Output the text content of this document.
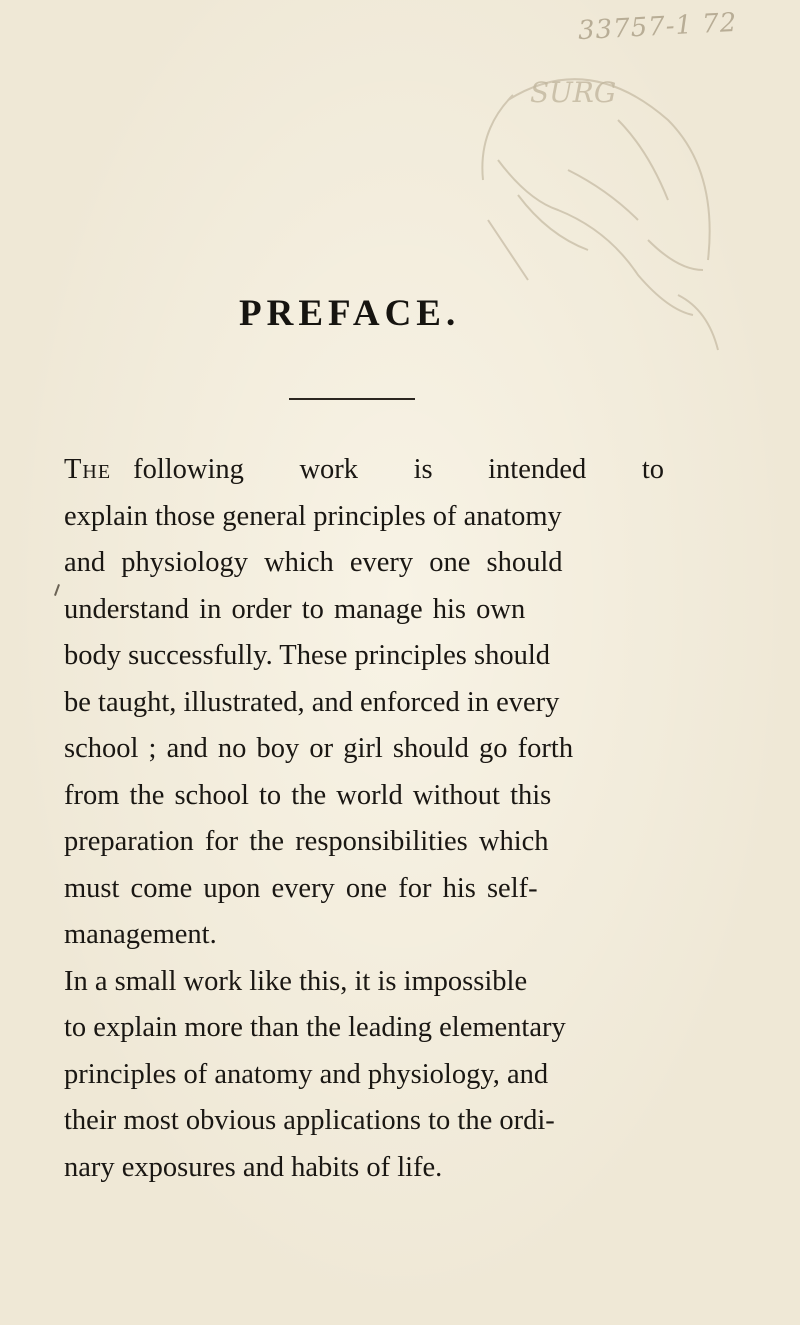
33757-1 72
SURG
PREFACE.
The following work is intended to
explain those general principles of anatomy
and physiology which every one should
understand in order to manage his own
body successfully. These principles should
be taught, illustrated, and enforced in every
school ; and no boy or girl should go forth
from the school to the world without this
preparation for the responsibilities which
must come upon every one for his self-
management.
In a small work like this, it is impossible
to explain more than the leading elementary
principles of anatomy and physiology, and
their most obvious applications to the ordi-
nary exposures and habits of life.
